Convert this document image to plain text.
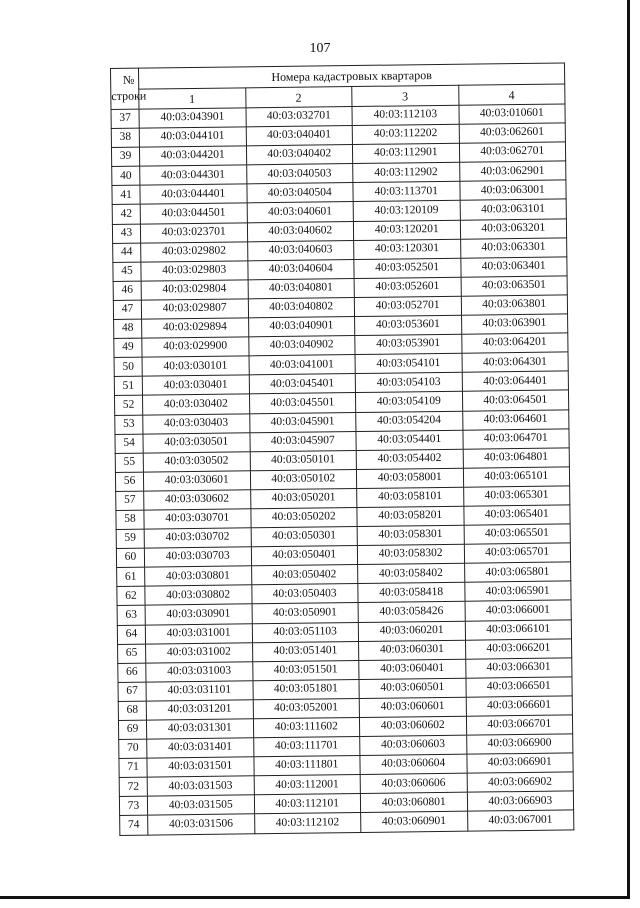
107
№
строки	Номера кадастровых квартаров			
	1	2	3	4
37	40:03:043901	40:03:032701	40:03:112103	40:03:010601
38	40:03:044101	40:03:040401	40:03:112202	40:03:062601
39	40:03:044201	40:03:040402	40:03:112901	40:03:062701
40	40:03:044301	40:03:040503	40:03:112902	40:03:062901
41	40:03:044401	40:03:040504	40:03:113701	40:03:063001
42	40:03:044501	40:03:040601	40:03:120109	40:03:063101
43	40:03:023701	40:03:040602	40:03:120201	40:03:063201
44	40:03:029802	40:03:040603	40:03:120301	40:03:063301
45	40:03:029803	40:03:040604	40:03:052501	40:03:063401
46	40:03:029804	40:03:040801	40:03:052601	40:03:063501
47	40:03:029807	40:03:040802	40:03:052701	40:03:063801
48	40:03:029894	40:03:040901	40:03:053601	40:03:063901
49	40:03:029900	40:03:040902	40:03:053901	40:03:064201
50	40:03:030101	40:03:041001	40:03:054101	40:03:064301
51	40:03:030401	40:03:045401	40:03:054103	40:03:064401
52	40:03:030402	40:03:045501	40:03:054109	40:03:064501
53	40:03:030403	40:03:045901	40:03:054204	40:03:064601
54	40:03:030501	40:03:045907	40:03:054401	40:03:064701
55	40:03:030502	40:03:050101	40:03:054402	40:03:064801
56	40:03:030601	40:03:050102	40:03:058001	40:03:065101
57	40:03:030602	40:03:050201	40:03:058101	40:03:065301
58	40:03:030701	40:03:050202	40:03:058201	40:03:065401
59	40:03:030702	40:03:050301	40:03:058301	40:03:065501
60	40:03:030703	40:03:050401	40:03:058302	40:03:065701
61	40:03:030801	40:03:050402	40:03:058402	40:03:065801
62	40:03:030802	40:03:050403	40:03:058418	40:03:065901
63	40:03:030901	40:03:050901	40:03:058426	40:03:066001
64	40:03:031001	40:03:051103	40:03:060201	40:03:066101
65	40:03:031002	40:03:051401	40:03:060301	40:03:066201
66	40:03:031003	40:03:051501	40:03:060401	40:03:066301
67	40:03:031101	40:03:051801	40:03:060501	40:03:066501
68	40:03:031201	40:03:052001	40:03:060601	40:03:066601
69	40:03:031301	40:03:111602	40:03:060602	40:03:066701
70	40:03:031401	40:03:111701	40:03:060603	40:03:066900
71	40:03:031501	40:03:111801	40:03:060604	40:03:066901
72	40:03:031503	40:03:112001	40:03:060606	40:03:066902
73	40:03:031505	40:03:112101	40:03:060801	40:03:066903
74	40:03:031506	40:03:112102	40:03:060901	40:03:067001
